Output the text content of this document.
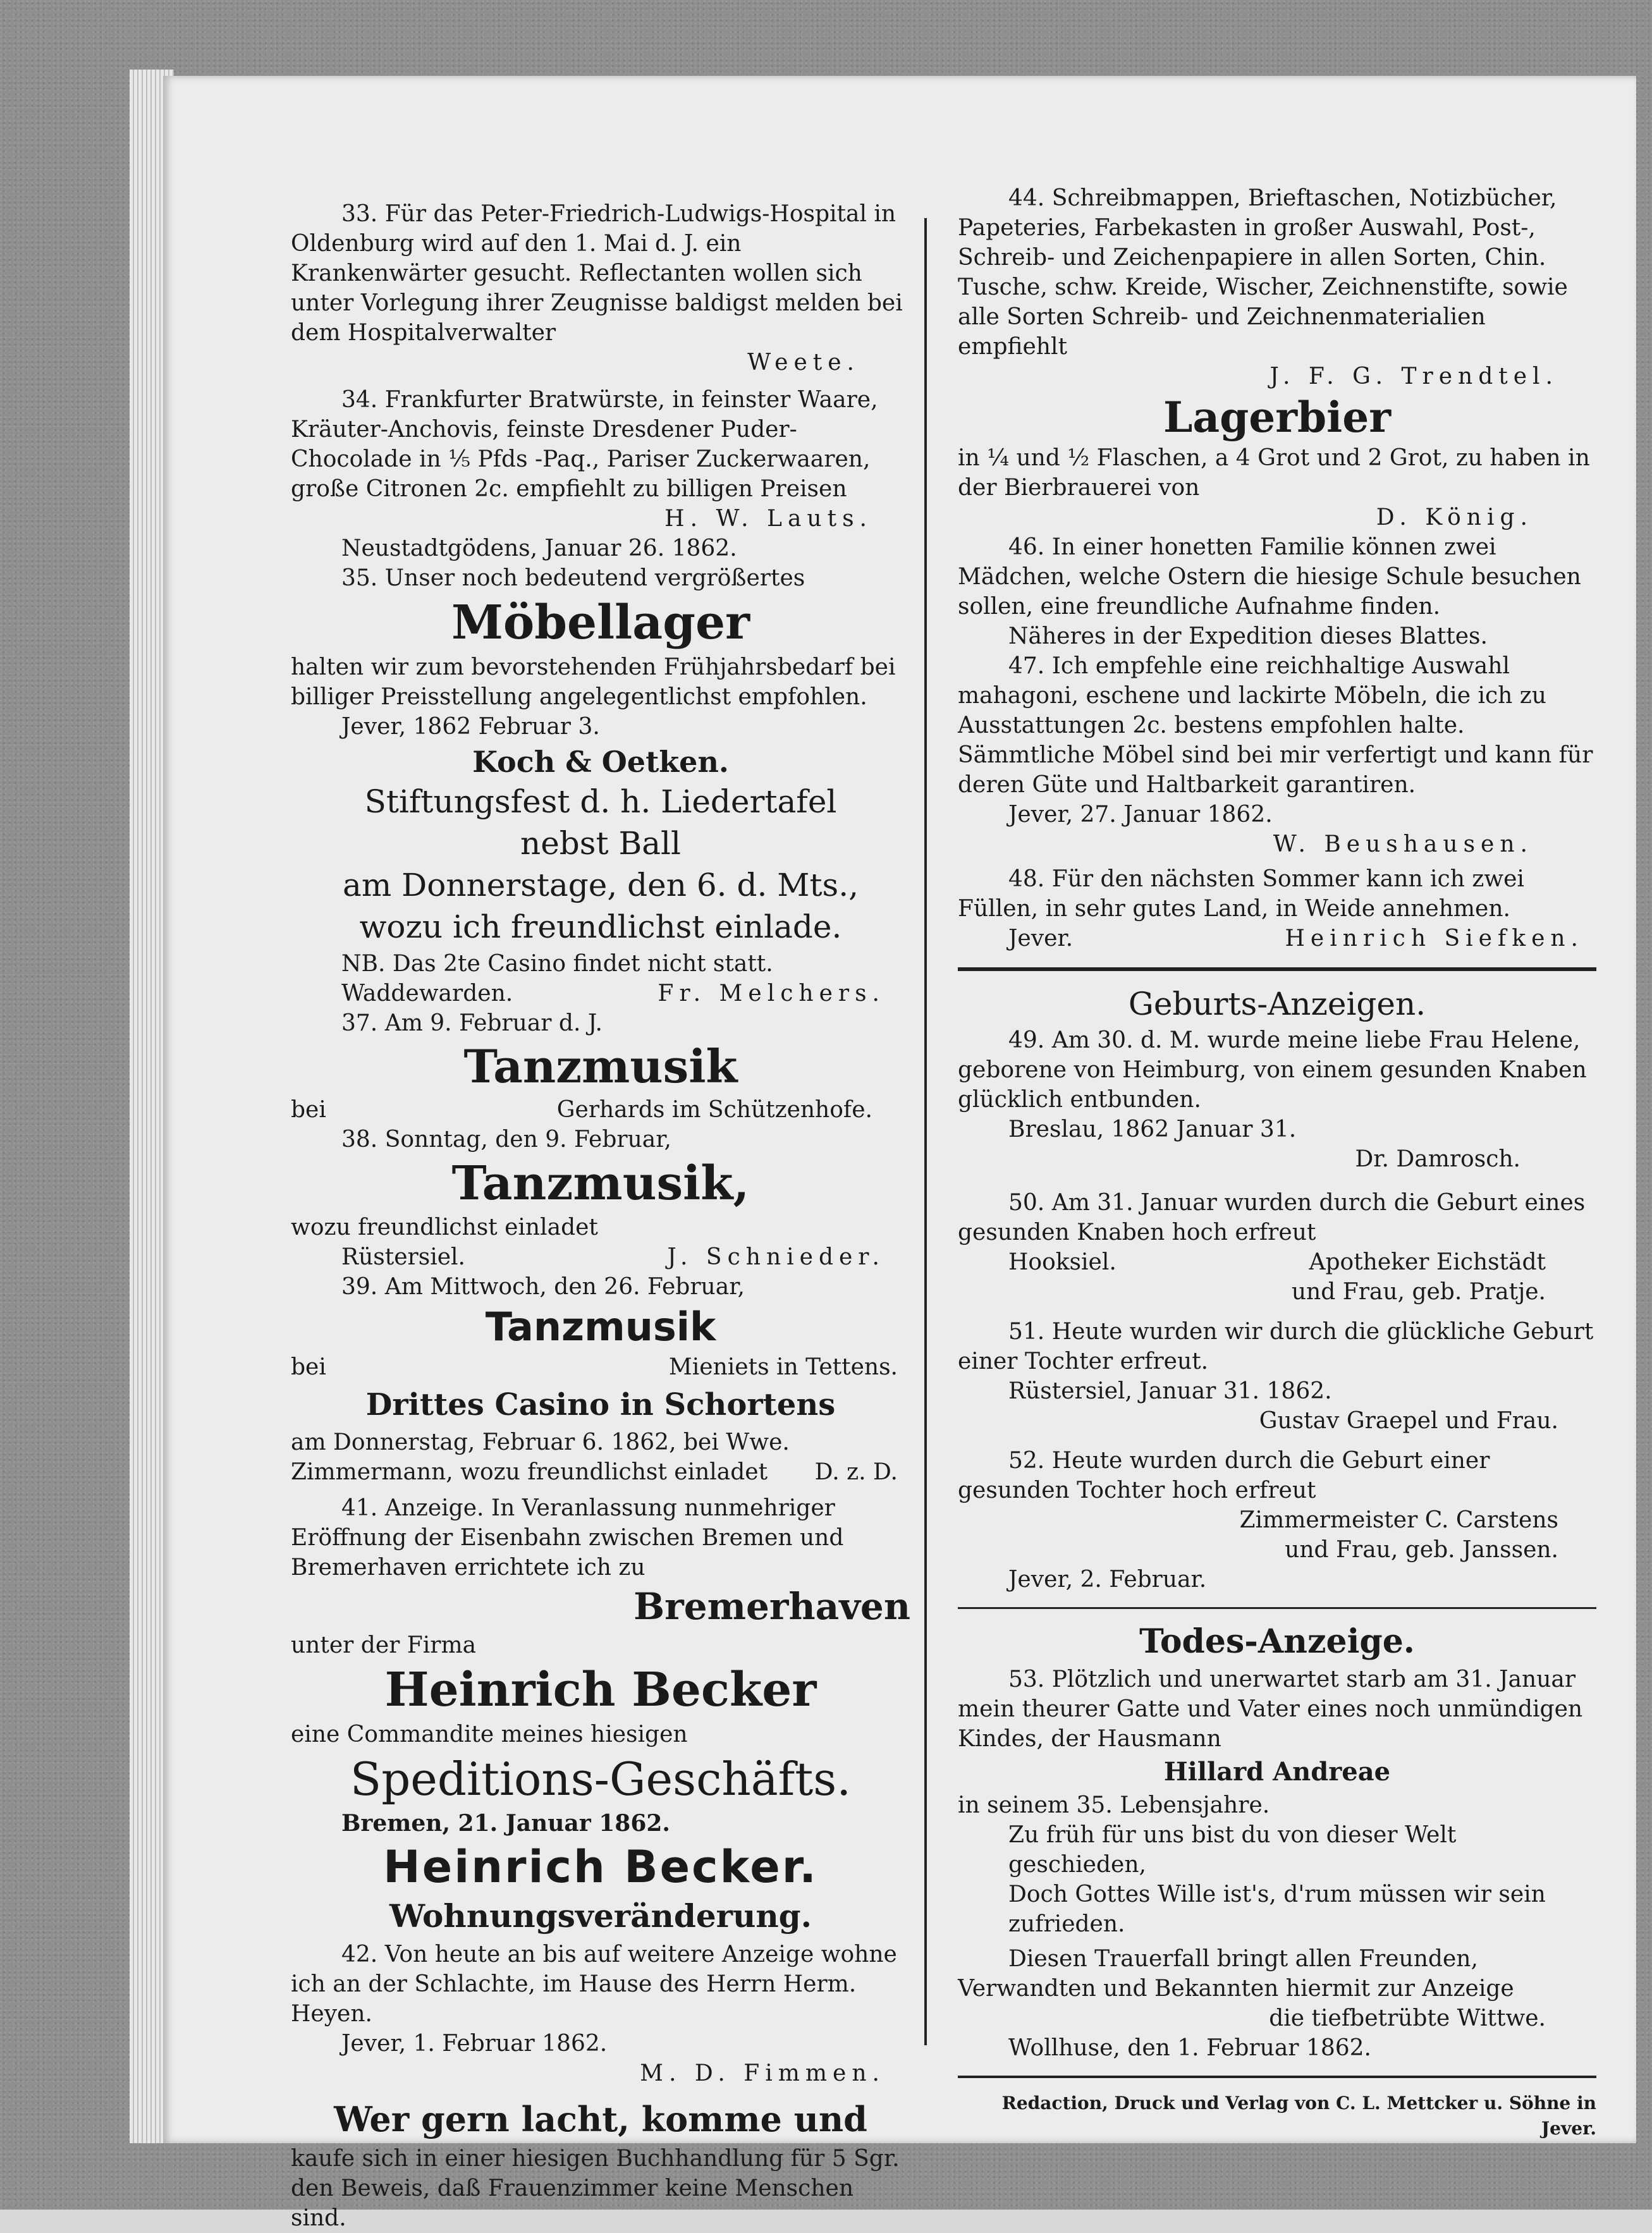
33. Für das Peter-Friedrich-Ludwigs-Hospital in Oldenburg wird auf den 1. Mai d. J. ein Krankenwärter gesucht. Reflectanten wollen sich unter Vorlegung ihrer Zeugnisse baldigst melden bei dem Hospitalverwalter

Weete.

34. Frankfurter Bratwürste, in feinster Waare, Kräuter-Anchovis, feinste Dresdener Puder-Chocolade in ⅕ Pfds -Paq., Pariser Zuckerwaaren, große Citronen 2c. empfiehlt zu billigen Preisen

H. W. Lauts.

Neustadtgödens, Januar 26. 1862.

35. Unser noch bedeutend vergrößertes

Möbellager

halten wir zum bevorstehenden Frühjahrsbedarf bei billiger Preisstellung angelegentlichst empfohlen.

Jever, 1862 Februar 3.

Koch & Oetken.
Stiftungsfest d. h. Liedertafel
nebst Ball
am Donnerstage, den 6. d. Mts.,
wozu ich freundlichst einlade.

NB. Das 2te Casino findet nicht statt.

Waddewarden.	Fr. Melchers.

37. Am 9. Februar d. J.

Tanzmusik
bei	Gerhards im Schützenhofe.

38. Sonntag, den 9. Februar,

Tanzmusik,

wozu freundlichst einladet

Rüstersiel.	J. Schnieder.

39. Am Mittwoch, den 26. Februar,

Tanzmusik
bei	Mieniets in Tettens.
Drittes Casino in Schortens

am Donnerstag, Februar 6. 1862, bei Wwe. Zimmermann, wozu freundlichst einladet	D. z. D.

41. Anzeige. In Veranlassung nunmehriger Eröffnung der Eisenbahn zwischen Bremen und Bremerhaven errichtete ich zu

Bremerhaven

unter der Firma

Heinrich Becker

eine Commandite meines hiesigen

Speditions-Geschäfts.

Bremen, 21. Januar 1862.

Heinrich Becker.
Wohnungsveränderung.

42. Von heute an bis auf weitere Anzeige wohne ich an der Schlachte, im Hause des Herrn Herm. Heyen.

Jever, 1. Februar 1862.

M. D. Fimmen.

Wer gern lacht, komme und

kaufe sich in einer hiesigen Buchhandlung für 5 Sgr. den Beweis, daß Frauenzimmer keine Menschen sind.

44. Schreibmappen, Brieftaschen, Notizbücher, Papeteries, Farbekasten in großer Auswahl, Post-, Schreib- und Zeichenpapiere in allen Sorten, Chin. Tusche, schw. Kreide, Wischer, Zeichnenstifte, sowie alle Sorten Schreib- und Zeichnenmaterialien empfiehlt

J. F. G. Trendtel.

Lagerbier

in ¼ und ½ Flaschen, a 4 Grot und 2 Grot, zu haben in der Bierbrauerei von

D. König.

46. In einer honetten Familie können zwei Mädchen, welche Ostern die hiesige Schule besuchen sollen, eine freundliche Aufnahme finden.

Näheres in der Expedition dieses Blattes.

47. Ich empfehle eine reichhaltige Auswahl mahagoni, eschene und lackirte Möbeln, die ich zu Ausstattungen 2c. bestens empfohlen halte. Sämmtliche Möbel sind bei mir verfertigt und kann für deren Güte und Haltbarkeit garantiren.

Jever, 27. Januar 1862.

W. Beushausen.

48. Für den nächsten Sommer kann ich zwei Füllen, in sehr gutes Land, in Weide annehmen.

Jever.	Heinrich Siefken.
Geburts-Anzeigen.

49. Am 30. d. M. wurde meine liebe Frau Helene, geborene von Heimburg, von einem gesunden Knaben glücklich entbunden.

Breslau, 1862 Januar 31.

Dr. Damrosch.

50. Am 31. Januar wurden durch die Geburt eines gesunden Knaben hoch erfreut

Hooksiel.	Apotheker Eichstädt

und Frau, geb. Pratje.

51. Heute wurden wir durch die glückliche Geburt einer Tochter erfreut.

Rüstersiel, Januar 31. 1862.

Gustav Graepel und Frau.

52. Heute wurden durch die Geburt einer gesunden Tochter hoch erfreut

Zimmermeister C. Carstens

und Frau, geb. Janssen.

Jever, 2. Februar.

Todes-Anzeige.

53. Plötzlich und unerwartet starb am 31. Januar mein theurer Gatte und Vater eines noch unmündigen Kindes, der Hausmann

Hillard Andreae

in seinem 35. Lebensjahre.

Zu früh für uns bist du von dieser Welt geschieden,

Doch Gottes Wille ist's, d'rum müssen wir sein zufrieden.

Diesen Trauerfall bringt allen Freunden, Verwandten und Bekannten hiermit zur Anzeige

die tiefbetrübte Wittwe.

Wollhuse, den 1. Februar 1862.

Redaction, Druck und Verlag von C. L. Mettcker u. Söhne in Jever.
